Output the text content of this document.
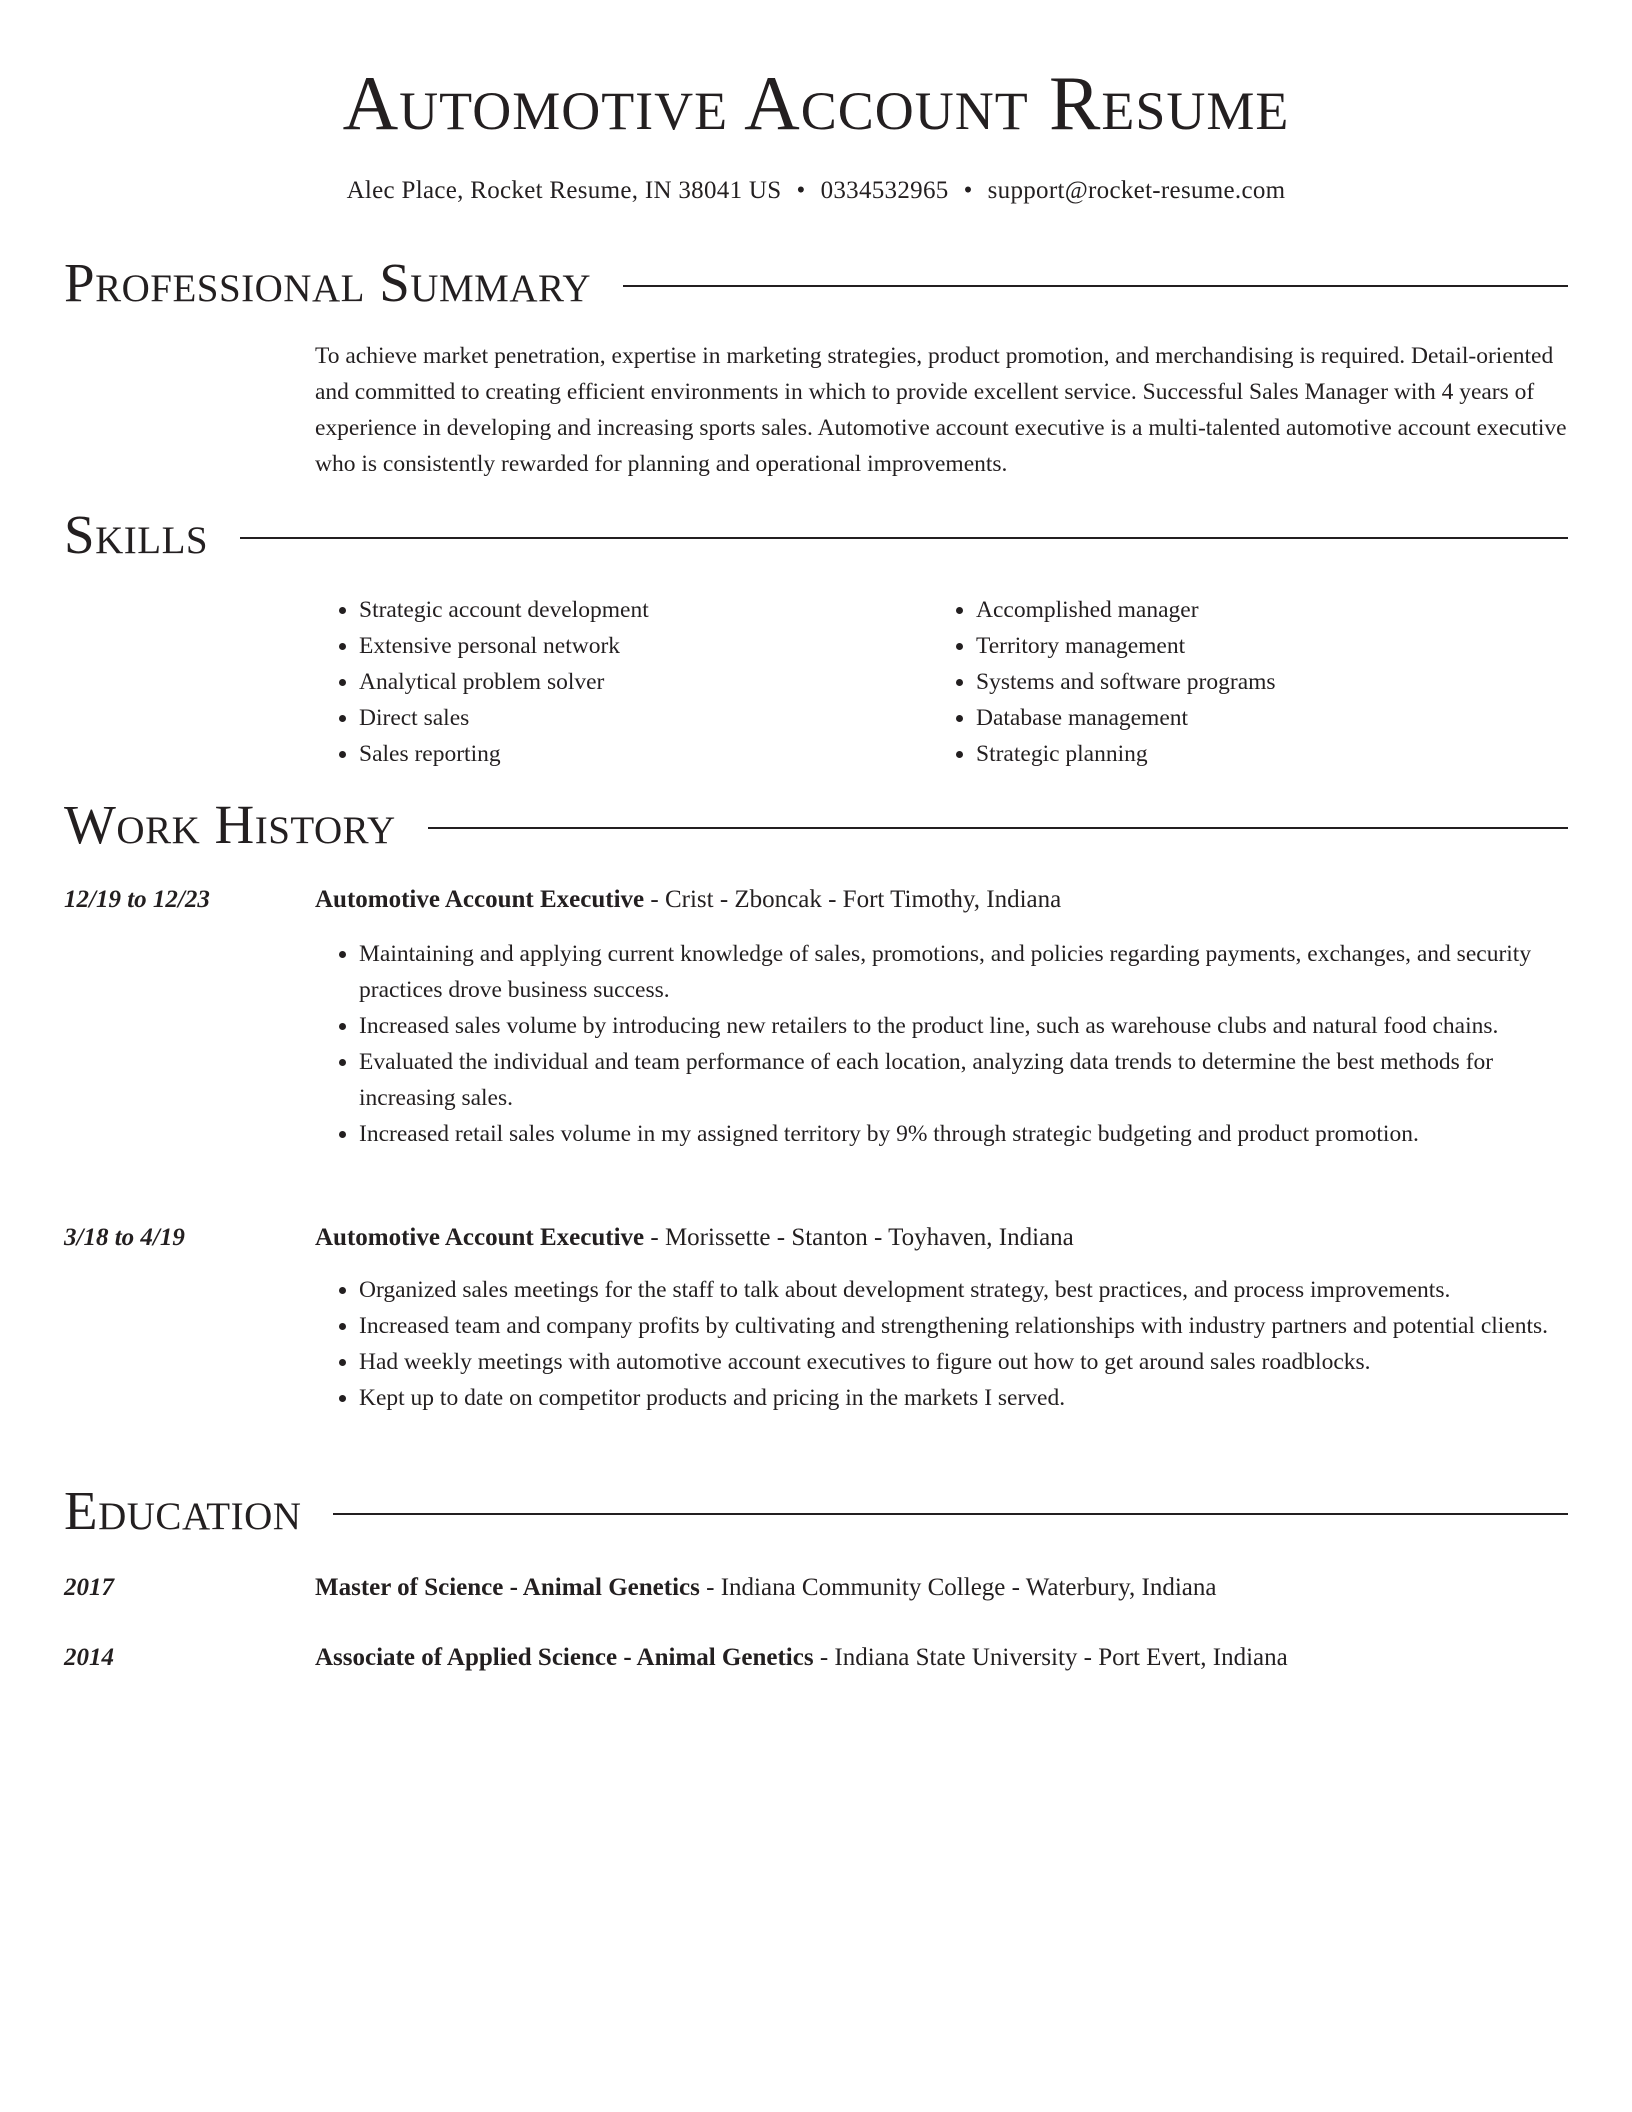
Automotive Account Resume
Alec Place, Rocket Resume, IN 38041 US • 0334532965 • support@rocket-resume.com
Professional Summary

To achieve market penetration, expertise in marketing strategies, product promotion, and merchandising is required. Detail-oriented and committed to creating efficient environments in which to provide excellent service. Successful Sales Manager with 4 years of experience in developing and increasing sports sales. Automotive account executive is a multi-talented automotive account executive who is consistently rewarded for planning and operational improvements.

Skills
• Strategic account development
• Extensive personal network
• Analytical problem solver
• Direct sales
• Sales reporting
• Accomplished manager
• Territory management
• Systems and software programs
• Database management
• Strategic planning
Work History
12/19 to 12/23	Automotive Account Executive - Crist - Zboncak - Fort Timothy, Indiana
• Maintaining and applying current knowledge of sales, promotions, and policies regarding payments, exchanges, and security practices drove business success.
• Increased sales volume by introducing new retailers to the product line, such as warehouse clubs and natural food chains.
• Evaluated the individual and team performance of each location, analyzing data trends to determine the best methods for increasing sales.
• Increased retail sales volume in my assigned territory by 9% through strategic budgeting and product promotion.
3/18 to 4/19	Automotive Account Executive - Morissette - Stanton - Toyhaven, Indiana
• Organized sales meetings for the staff to talk about development strategy, best practices, and process improvements.
• Increased team and company profits by cultivating and strengthening relationships with industry partners and potential clients.
• Had weekly meetings with automotive account executives to figure out how to get around sales roadblocks.
• Kept up to date on competitor products and pricing in the markets I served.
Education
2017	Master of Science - Animal Genetics - Indiana Community College - Waterbury, Indiana
2014	Associate of Applied Science - Animal Genetics - Indiana State University - Port Evert, Indiana
